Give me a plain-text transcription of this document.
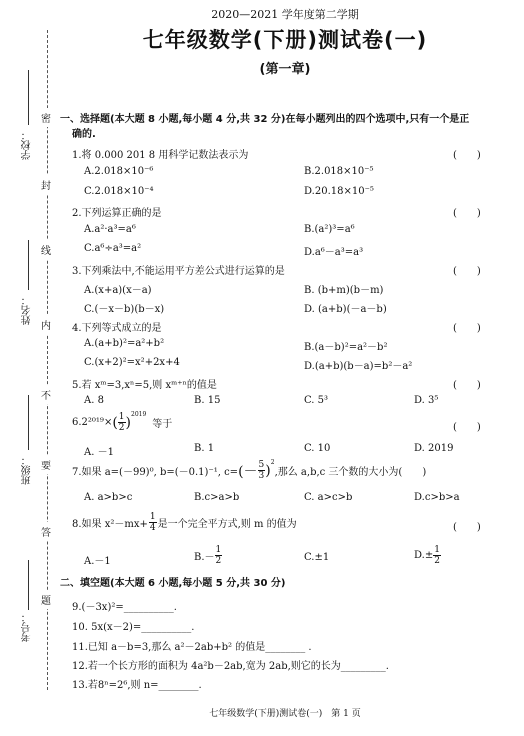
学校：
姓名：
班级：
考号：
密
封
线
内
不
要
答
题
2020—2021 学年度第二学期
七年级数学(下册)测试卷(一)
(第一章)
一、选择题(本大题 8 小题,每小题 4 分,共 32 分)在每小题列出的四个选项中,只有一个是正
确的.
1.将 0.000 201 8 用科学记数法表示为	(　　)
A.2.018×10⁻⁶	B.2.018×10⁻⁵
C.2.018×10⁻⁴	D.20.18×10⁻⁵
2.下列运算正确的是	(　　)
A.a²·a³=a⁶	B.(a²)³=a⁶
C.a⁶÷a³=a²	D.a⁶－a³=a³
3.下列乘法中,不能运用平方差公式进行运算的是	(　　)
A.(x+a)(x－a)	B. (b+m)(b－m)
C.(－x－b)(b－x)	D. (a+b)(－a－b)
4.下列等式成立的是	(　　)
A.(a+b)²=a²+b²	B.(a－b)²=a²－b²
C.(x+2)²=x²+2x+4	D.(a+b)(b－a)=b²－a²
5.若 xᵐ=3,xⁿ=5,则 xᵐ⁺ⁿ的值是	(　　)
A. 8	B. 15	C. 5³	D. 3⁵
6.2²⁰¹⁹× ( 1
2 ) 2019
等于	(　　)
A. －1	B. 1	C. 10	D. 2019
7.如果 a=(－99)⁰, b=(－0.1)⁻¹, c= (－ 5
3 ) 2
,那么 a,b,c 三个数的大小为(　　)
A. a>b>c	B.c>a>b	C. a>c>b	D.c>b>a
8.如果 $x^2-mx+ \frac{1}{4}$ 是一个完全平方式,则 m 的值为	(　　)
A.－1	B.－
1
2	C.±1	$D.\pm \frac{1}{2}$
二、填空题(本大题 6 小题,每小题 5 分,共 30 分)
9.(－3x)²=__________.
10. 5x(x－2)=__________.
11.已知 a－b=3,那么 a²－2ab+b² 的值是________ .
12.若一个长方形的面积为 4a²b－2ab,宽为 2ab,则它的长为_________.
13.若8ⁿ=2⁶,则 n=________.
七年级数学(下册)测试卷(一)　第 1 页
